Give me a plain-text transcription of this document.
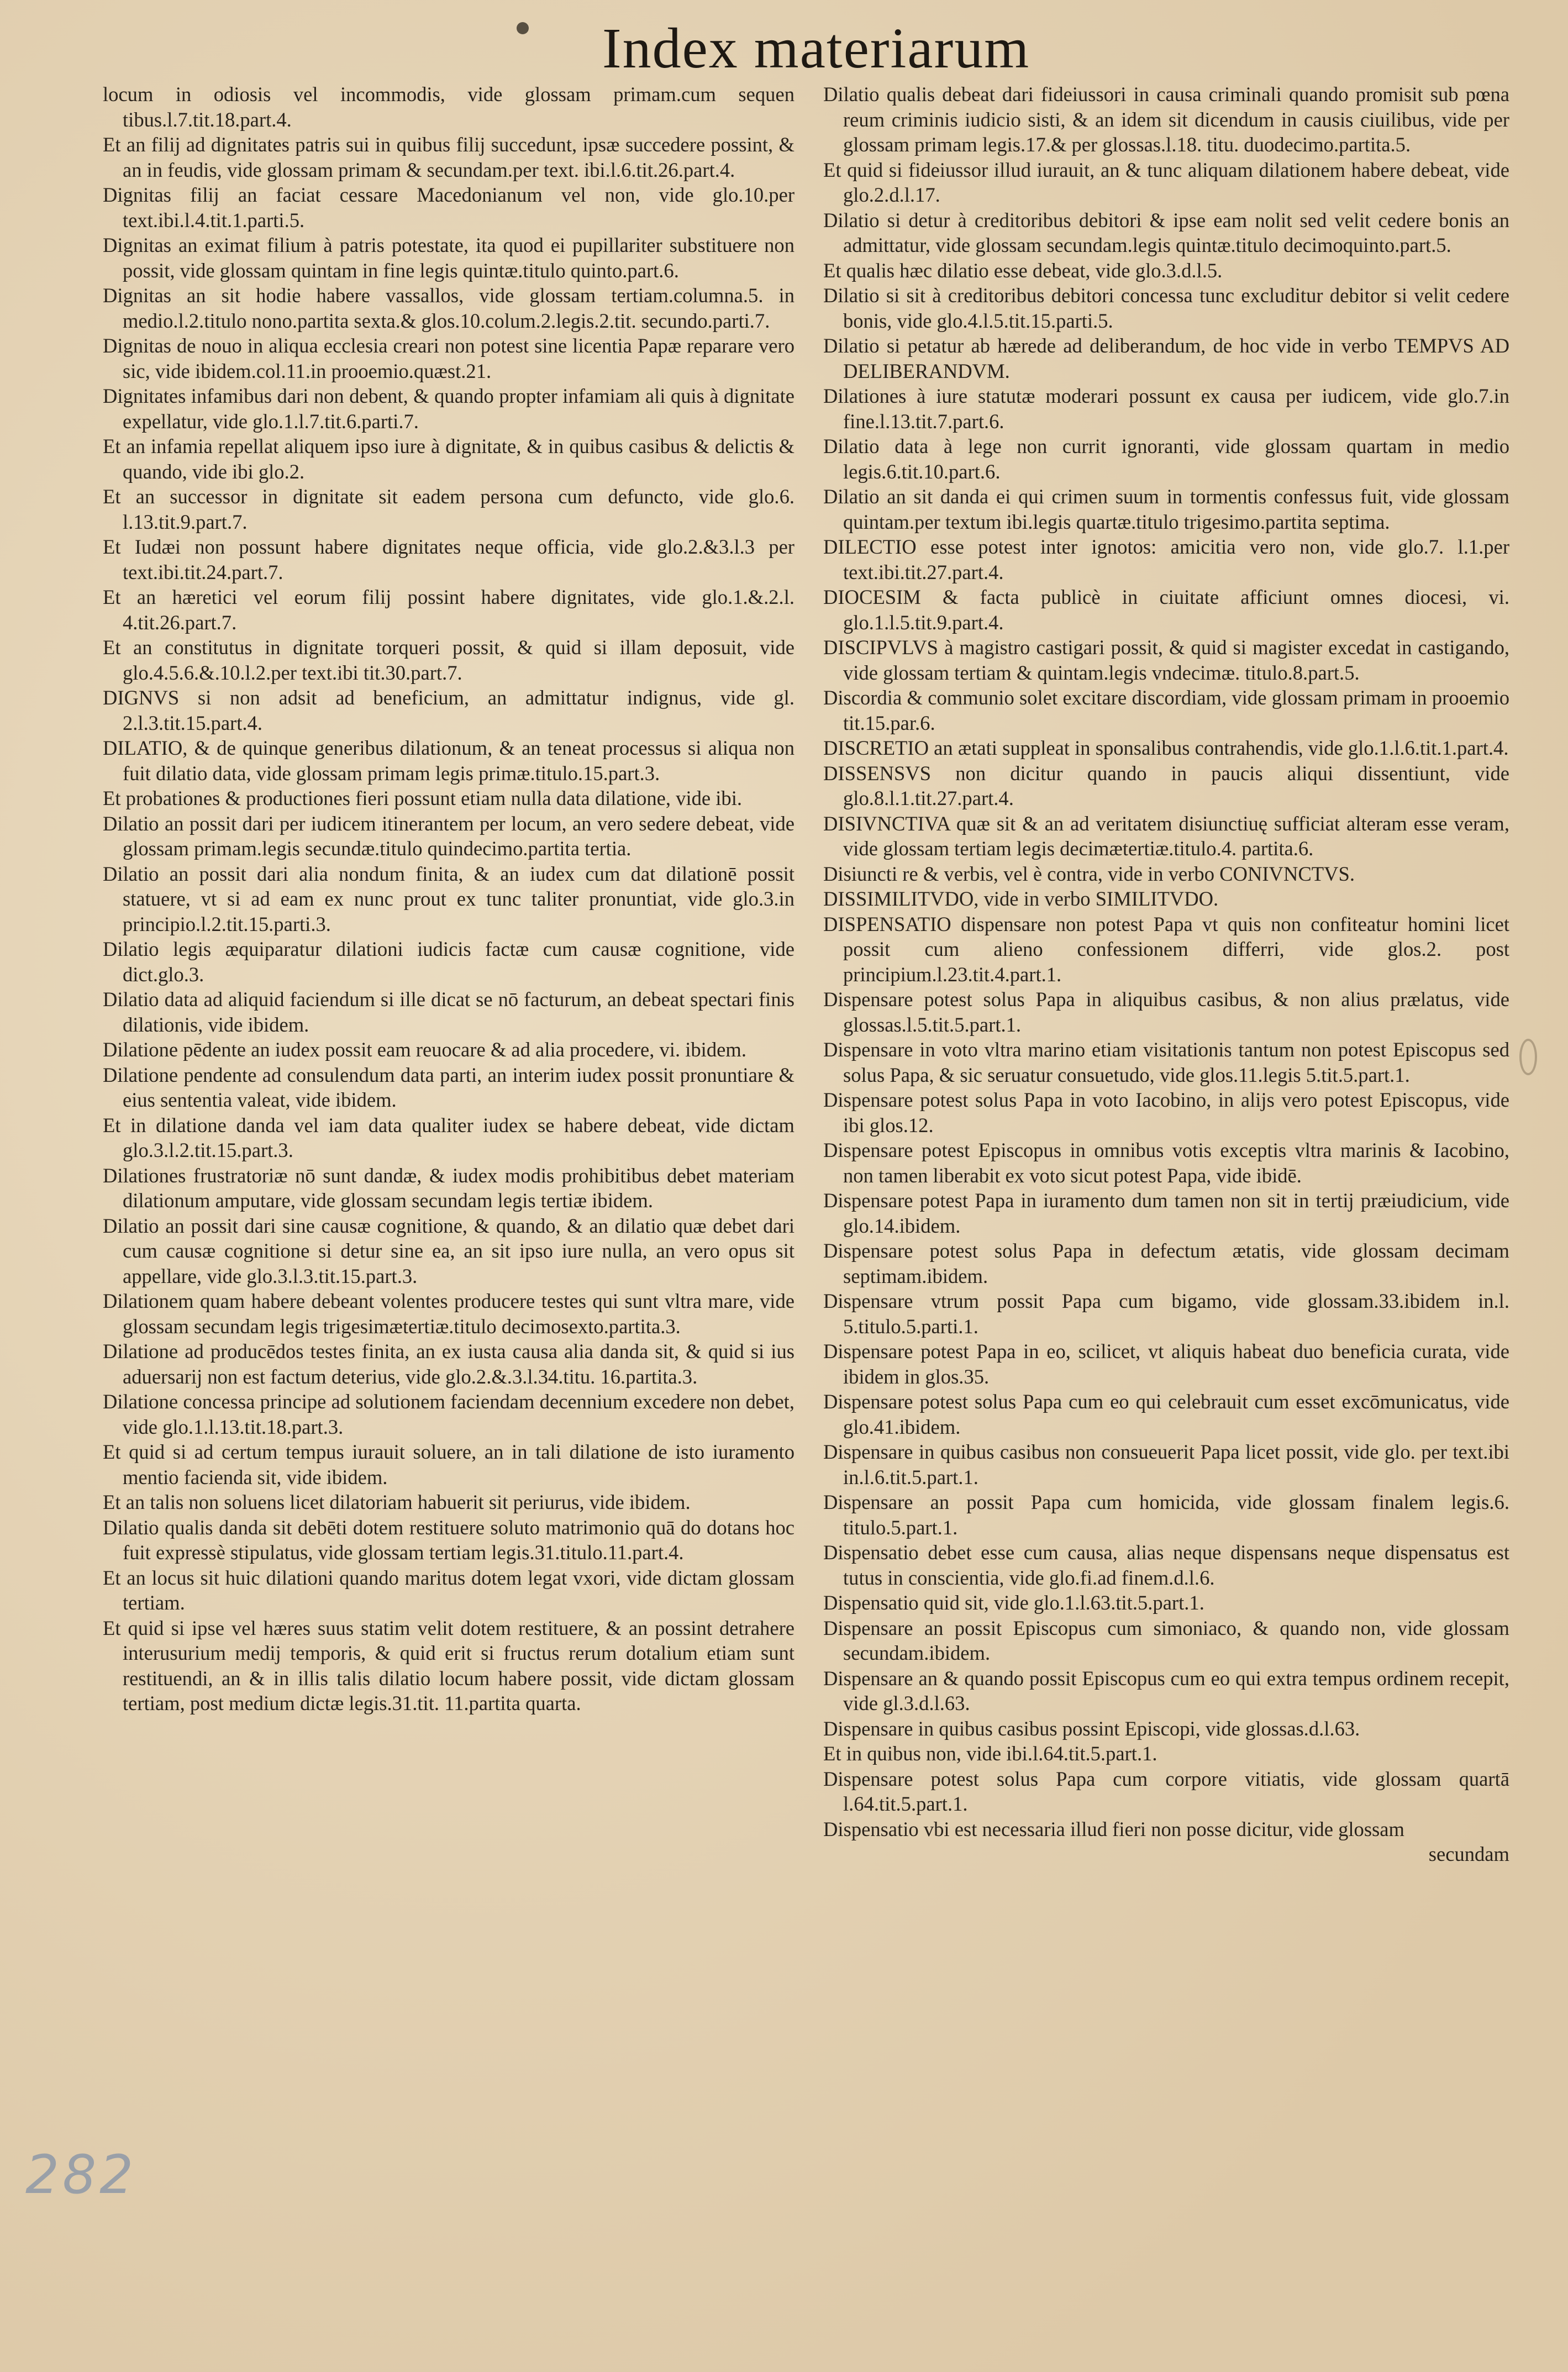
Index materiarum

locum in odiosis vel incommodis, vide glossam primam.cum sequen tibus.l.7.tit.18.part.4.

Et an filij ad dignitates patris sui in quibus filij succedunt, ipsæ succedere possint, & an in feudis, vide glossam primam & secundam.per text. ibi.l.6.tit.26.part.4.

Dignitas filij an faciat cessare Macedonianum vel non, vide glo.10.per text.ibi.l.4.tit.1.parti.5.

Dignitas an eximat filium à patris potestate, ita quod ei pupillariter substituere non possit, vide glossam quintam in fine legis quintæ.titulo quinto.part.6.

Dignitas an sit hodie habere vassallos, vide glossam tertiam.columna.5. in medio.l.2.titulo nono.partita sexta.& glos.10.colum.2.legis.2.tit. secundo.parti.7.

Dignitas de nouo in aliqua ecclesia creari non potest sine licentia Papæ reparare vero sic, vide ibidem.col.11.in prooemio.quæst.21.

Dignitates infamibus dari non debent, & quando propter infamiam ali quis à dignitate expellatur, vide glo.1.l.7.tit.6.parti.7.

Et an infamia repellat aliquem ipso iure à dignitate, & in quibus casibus & delictis & quando, vide ibi glo.2.

Et an successor in dignitate sit eadem persona cum defuncto, vide glo.6. l.13.tit.9.part.7.

Et Iudæi non possunt habere dignitates neque officia, vide glo.2.&3.l.3 per text.ibi.tit.24.part.7.

Et an hæretici vel eorum filij possint habere dignitates, vide glo.1.&.2.l. 4.tit.26.part.7.

Et an constitutus in dignitate torqueri possit, & quid si illam deposuit, vide glo.4.5.6.&.10.l.2.per text.ibi tit.30.part.7.

DIGNVS si non adsit ad beneficium, an admittatur indignus, vide gl. 2.l.3.tit.15.part.4.

DILATIO, & de quinque generibus dilationum, & an teneat processus si aliqua non fuit dilatio data, vide glossam primam legis primæ.titulo.15.part.3.

Et probationes & productiones fieri possunt etiam nulla data dilatione, vide ibi.

Dilatio an possit dari per iudicem itinerantem per locum, an vero sedere debeat, vide glossam primam.legis secundæ.titulo quindecimo.partita tertia.

Dilatio an possit dari alia nondum finita, & an iudex cum dat dilationē possit statuere, vt si ad eam ex nunc prout ex tunc taliter pronuntiat, vide glo.3.in principio.l.2.tit.15.parti.3.

Dilatio legis æquiparatur dilationi iudicis factæ cum causæ cognitione, vide dict.glo.3.

Dilatio data ad aliquid faciendum si ille dicat se nō facturum, an debeat spectari finis dilationis, vide ibidem.

Dilatione pēdente an iudex possit eam reuocare & ad alia procedere, vi. ibidem.

Dilatione pendente ad consulendum data parti, an interim iudex possit pronuntiare & eius sententia valeat, vide ibidem.

Et in dilatione danda vel iam data qualiter iudex se habere debeat, vide dictam glo.3.l.2.tit.15.part.3.

Dilationes frustratoriæ nō sunt dandæ, & iudex modis prohibitibus debet materiam dilationum amputare, vide glossam secundam legis tertiæ ibidem.

Dilatio an possit dari sine causæ cognitione, & quando, & an dilatio quæ debet dari cum causæ cognitione si detur sine ea, an sit ipso iure nulla, an vero opus sit appellare, vide glo.3.l.3.tit.15.part.3.

Dilationem quam habere debeant volentes producere testes qui sunt vltra mare, vide glossam secundam legis trigesimætertiæ.titulo decimosexto.partita.3.

Dilatione ad producēdos testes finita, an ex iusta causa alia danda sit, & quid si ius aduersarij non est factum deterius, vide glo.2.&.3.l.34.titu. 16.partita.3.

Dilatione concessa principe ad solutionem faciendam decennium excedere non debet, vide glo.1.l.13.tit.18.part.3.

Et quid si ad certum tempus iurauit soluere, an in tali dilatione de isto iuramento mentio facienda sit, vide ibidem.

Et an talis non soluens licet dilatoriam habuerit sit periurus, vide ibidem.

Dilatio qualis danda sit debēti dotem restituere soluto matrimonio quā do dotans hoc fuit expressè stipulatus, vide glossam tertiam legis.31.titulo.11.part.4.

Et an locus sit huic dilationi quando maritus dotem legat vxori, vide dictam glossam tertiam.

Et quid si ipse vel hæres suus statim velit dotem restituere, & an possint detrahere interusurium medij temporis, & quid erit si fructus rerum dotalium etiam sunt restituendi, an & in illis talis dilatio locum habere possit, vide dictam glossam tertiam, post medium dictæ legis.31.tit. 11.partita quarta.

Dilatio qualis debeat dari fideiussori in causa criminali quando promisit sub pœna reum criminis iudicio sisti, & an idem sit dicendum in causis ciuilibus, vide per glossam primam legis.17.& per glossas.l.18. titu. duodecimo.partita.5.

Et quid si fideiussor illud iurauit, an & tunc aliquam dilationem habere debeat, vide glo.2.d.l.17.

Dilatio si detur à creditoribus debitori & ipse eam nolit sed velit cedere bonis an admittatur, vide glossam secundam.legis quintæ.titulo decimoquinto.part.5.

Et qualis hæc dilatio esse debeat, vide glo.3.d.l.5.

Dilatio si sit à creditoribus debitori concessa tunc excluditur debitor si velit cedere bonis, vide glo.4.l.5.tit.15.parti.5.

Dilatio si petatur ab hærede ad deliberandum, de hoc vide in verbo TEMPVS AD DELIBERANDVM.

Dilationes à iure statutæ moderari possunt ex causa per iudicem, vide glo.7.in fine.l.13.tit.7.part.6.

Dilatio data à lege non currit ignoranti, vide glossam quartam in medio legis.6.tit.10.part.6.

Dilatio an sit danda ei qui crimen suum in tormentis confessus fuit, vide glossam quintam.per textum ibi.legis quartæ.titulo trigesimo.partita septima.

DILECTIO esse potest inter ignotos: amicitia vero non, vide glo.7. l.1.per text.ibi.tit.27.part.4.

DIOCESIM & facta publicè in ciuitate afficiunt omnes diocesi, vi. glo.1.l.5.tit.9.part.4.

DISCIPVLVS à magistro castigari possit, & quid si magister excedat in castigando, vide glossam tertiam & quintam.legis vndecimæ. titulo.8.part.5.

Discordia & communio solet excitare discordiam, vide glossam primam in prooemio tit.15.par.6.

DISCRETIO an ætati suppleat in sponsalibus contrahendis, vide glo.1.l.6.tit.1.part.4.

DISSENSVS non dicitur quando in paucis aliqui dissentiunt, vide glo.8.l.1.tit.27.part.4.

DISIVNCTIVA quæ sit & an ad veritatem disiunctiuę sufficiat alteram esse veram, vide glossam tertiam legis decimætertiæ.titulo.4. partita.6.

Disiuncti re & verbis, vel è contra, vide in verbo CONIVNCTVS.

DISSIMILITVDO, vide in verbo SIMILITVDO.

DISPENSATIO dispensare non potest Papa vt quis non confiteatur homini licet possit cum alieno confessionem differri, vide glos.2. post principium.l.23.tit.4.part.1.

Dispensare potest solus Papa in aliquibus casibus, & non alius prælatus, vide glossas.l.5.tit.5.part.1.

Dispensare in voto vltra marino etiam visitationis tantum non potest Episcopus sed solus Papa, & sic seruatur consuetudo, vide glos.11.legis 5.tit.5.part.1.

Dispensare potest solus Papa in voto Iacobino, in alijs vero potest Episcopus, vide ibi glos.12.

Dispensare potest Episcopus in omnibus votis exceptis vltra marinis & Iacobino, non tamen liberabit ex voto sicut potest Papa, vide ibidē.

Dispensare potest Papa in iuramento dum tamen non sit in tertij præiudicium, vide glo.14.ibidem.

Dispensare potest solus Papa in defectum ætatis, vide glossam decimam septimam.ibidem.

Dispensare vtrum possit Papa cum bigamo, vide glossam.33.ibidem in.l. 5.titulo.5.parti.1.

Dispensare potest Papa in eo, scilicet, vt aliquis habeat duo beneficia curata, vide ibidem in glos.35.

Dispensare potest solus Papa cum eo qui celebrauit cum esset excōmunicatus, vide glo.41.ibidem.

Dispensare in quibus casibus non consueuerit Papa licet possit, vide glo. per text.ibi in.l.6.tit.5.part.1.

Dispensare an possit Papa cum homicida, vide glossam finalem legis.6. titulo.5.part.1.

Dispensatio debet esse cum causa, alias neque dispensans neque dispensatus est tutus in conscientia, vide glo.fi.ad finem.d.l.6.

Dispensatio quid sit, vide glo.1.l.63.tit.5.part.1.

Dispensare an possit Episcopus cum simoniaco, & quando non, vide glossam secundam.ibidem.

Dispensare an & quando possit Episcopus cum eo qui extra tempus ordinem recepit, vide gl.3.d.l.63.

Dispensare in quibus casibus possint Episcopi, vide glossas.d.l.63.

Et in quibus non, vide ibi.l.64.tit.5.part.1.

Dispensare potest solus Papa cum corpore vitiatis, vide glossam quartā l.64.tit.5.part.1.

Dispensatio vbi est necessaria illud fieri non posse dicitur, vide glossam

secundam

282
